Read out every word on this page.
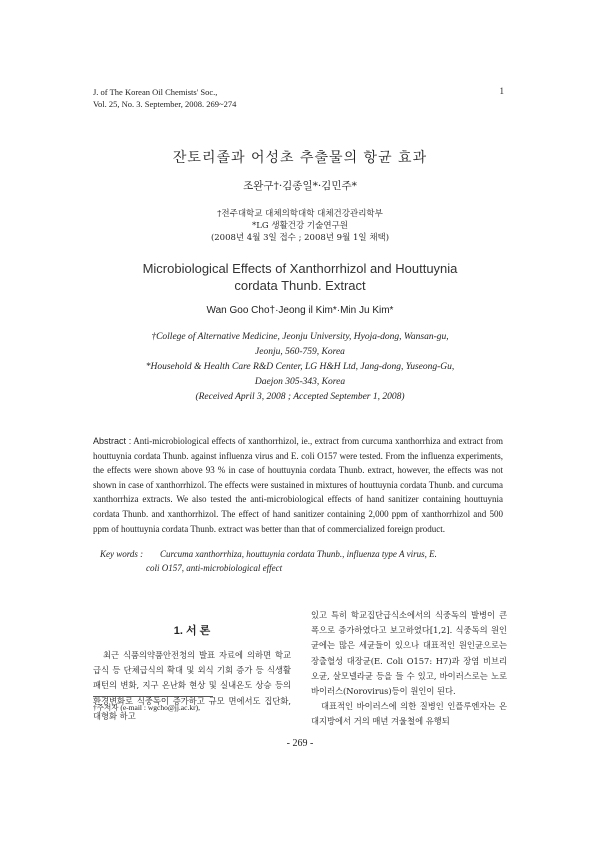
J. of The Korean Oil Chemists' Soc.,
Vol. 25, No. 3. September, 2008. 269~274
1
잔토리졸과 어성초 추출물의 항균 효과
조완구†·김종일*·김민주*
†전주대학교 대체의학대학 대체건강관리학부
*LG 생활건강 기술연구원
(2008년 4월 3일 접수 ; 2008년 9월 1일 채택)
Microbiological Effects of Xanthorrhizol and Houttuynia
cordata Thunb. Extract
Wan Goo Cho†·Jeong il Kim*·Min Ju Kim*
†College of Alternative Medicine, Jeonju University, Hyoja-dong, Wansan-gu,
Jeonju, 560-759, Korea
*Household & Health Care R&D Center, LG H&H Ltd, Jang-dong, Yuseong-Gu,
Daejon 305-343, Korea
(Received April 3, 2008 ; Accepted September 1, 2008)
Abstract : Anti-microbiological effects of xanthorrhizol, ie., extract from curcuma xanthorrhiza and extract from houttuynia cordata Thunb. against influenza virus and E. coli O157 were tested. From the influenza experiments, the effects were shown above 93 % in case of houttuynia cordata Thunb. extract, however, the effects was not shown in case of xanthorrhizol. The effects were sustained in mixtures of houttuynia cordata Thunb. and curcuma xanthorrhiza extracts. We also tested the anti-microbiological effects of hand sanitizer containing houttuynia cordata Thunb. and xanthorrhizol. The effect of hand sanitizer containing 2,000 ppm of xanthorrhizol and 500 ppm of houttuynia cordata Thunb. extract was better than that of commercialized foreign product.
Key words : Curcuma xanthorrhiza, houttuynia cordata Thunb., influenza type A virus, E.
coli O157, anti-microbiological effect
1. 서 론
최근 식품의약품안전청의 발표 자료에 의하면 학교급식 등 단체급식의 확대 및 외식 기회 증가 등 식생활 패턴의 변화, 지구 온난화 현상 및 실내온도 상승 등의 환경변화로 식중독이 증가하고 규모 면에서도 집단화, 대형화 하고
있고 특히 학교집단급식소에서의 식중독의 발병이 큰 폭으로 증가하였다고 보고하였다[1,2]. 식중독의 원인균에는 많은 세균들이 있으나 대표적인 원인균으로는 장출혈성 대장균(E. Coli O157: H7)과 장염 비브리오균, 살모넬라균 등을 들 수 있고, 바이러스로는 노로바이러스(Norovirus)등이 원인이 된다.
대표적인 바이러스에 의한 질병인 인플루엔자는 온대지방에서 거의 매년 겨울철에 유행되
†주저자 (e-mail : wgcho@jj.ac.kr),
- 269 -
